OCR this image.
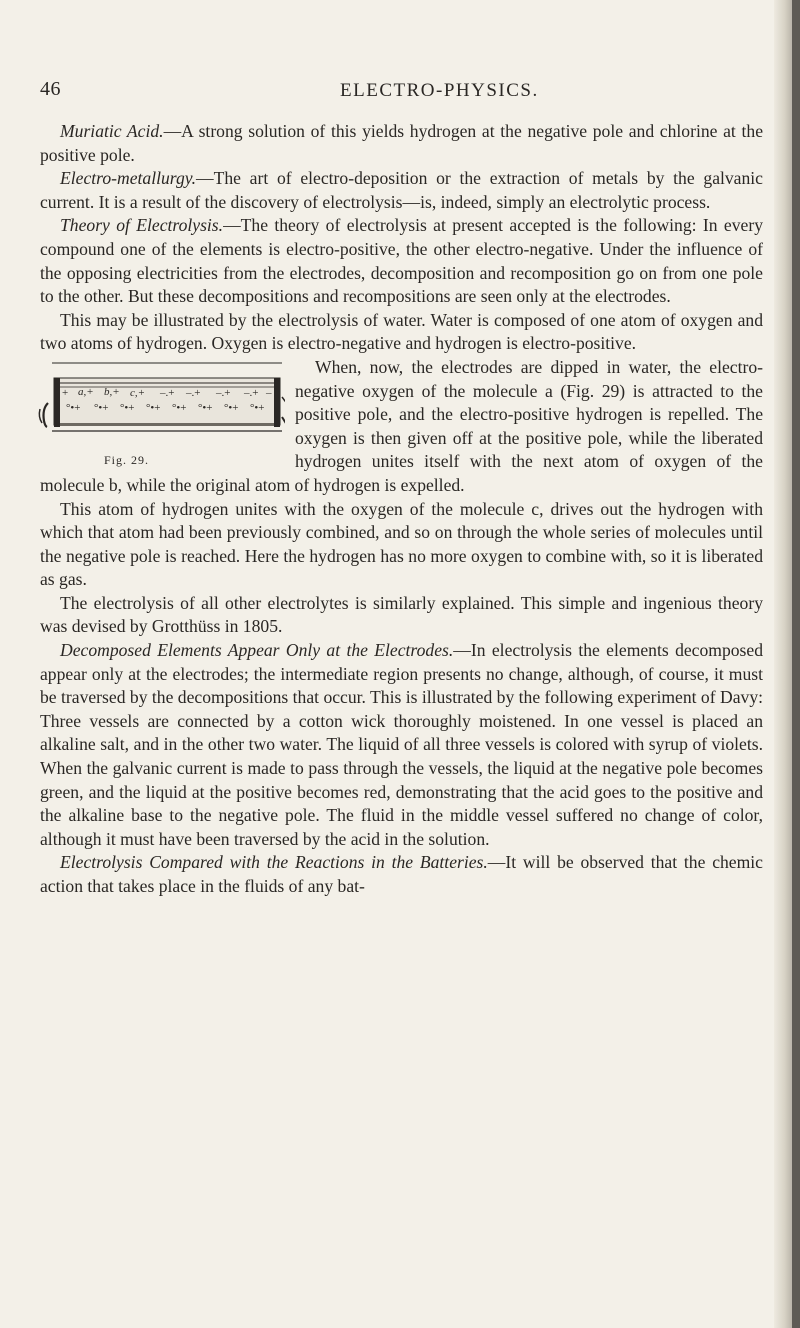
46	ELECTRO-PHYSICS.

Muriatic Acid.—A strong solution of this yields hydrogen at the negative pole and chlorine at the positive pole.

Electro-metallurgy.—The art of electro-deposition or the extraction of metals by the galvanic current. It is a result of the discovery of electrolysis—is, indeed, simply an electrolytic process.

Theory of Electrolysis.—The theory of electrolysis at present accepted is the following: In every compound one of the elements is electro-positive, the other electro-negative. Under the influence of the opposing electricities from the electrodes, decomposition and recomposition go on from one pole to the other. But these decompositions and recompositions are seen only at the electrodes.

This may be illustrated by the electrolysis of water. Water is composed of one atom of oxygen and two atoms of hydrogen. Oxygen is electro-negative and hydrogen is electro-positive.

+ a,+ b,+ c,+ –.+ –.+ –.+ –.+ –
°•+ °•+ °•+ °•+ °•+ °•+ °•+ °•+
Fig. 29.

When, now, the electrodes are dipped in water, the electro-negative oxygen of the molecule a (Fig. 29) is attracted to the positive pole, and the electro-positive hydrogen is repelled. The oxygen is then given off at the positive pole, while the liberated hydrogen unites itself with the next atom of oxygen of the molecule b, while the original atom of hydrogen is expelled.

This atom of hydrogen unites with the oxygen of the molecule c, drives out the hydrogen with which that atom had been previously combined, and so on through the whole series of molecules until the negative pole is reached. Here the hydrogen has no more oxygen to combine with, so it is liberated as gas.

The electrolysis of all other electrolytes is similarly explained. This simple and ingenious theory was devised by Grotthüss in 1805.

Decomposed Elements Appear Only at the Electrodes.—In electrolysis the elements decomposed appear only at the electrodes; the intermediate region presents no change, although, of course, it must be traversed by the decompositions that occur. This is illustrated by the following experiment of Davy: Three vessels are connected by a cotton wick thoroughly moistened. In one vessel is placed an alkaline salt, and in the other two water. The liquid of all three vessels is colored with syrup of violets. When the galvanic current is made to pass through the vessels, the liquid at the negative pole becomes green, and the liquid at the positive becomes red, demonstrating that the acid goes to the positive and the alkaline base to the negative pole. The fluid in the middle vessel suffered no change of color, although it must have been traversed by the acid in the solution.

Electrolysis Compared with the Reactions in the Batteries.—It will be observed that the chemic action that takes place in the fluids of any bat-
